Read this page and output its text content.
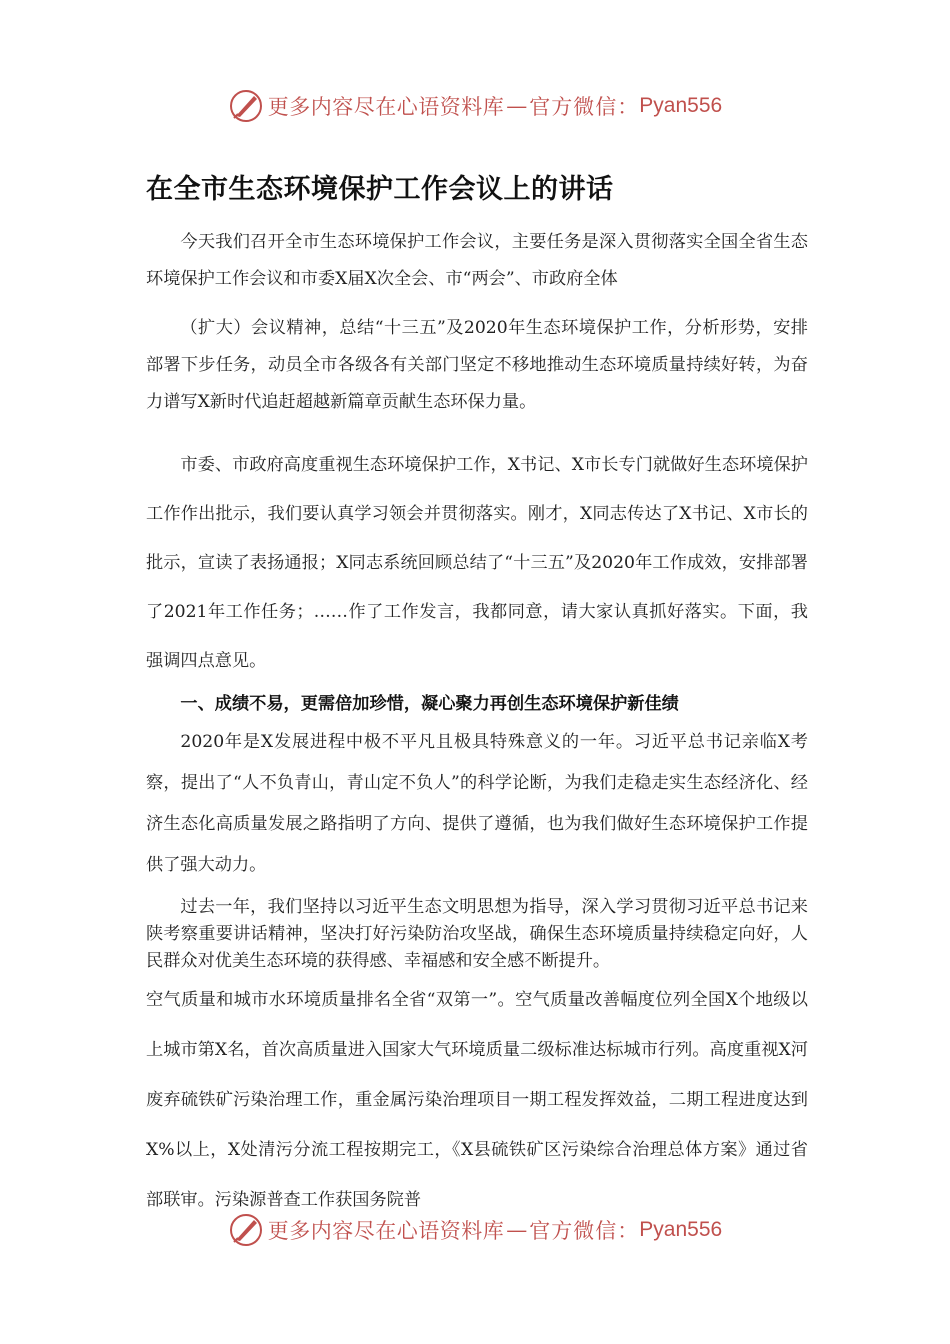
更多内容尽在心语资料库 — 官方微信： Pyan556
在全市生态环境保护工作会议上的讲话

今天我们召开全市生态环境保护工作会议，主要任务是深入贯彻落实全国全省生态环境保护工作会议和市委X届X次全会、市“两会”、市政府全体
（扩大）会议精神，总结“十三五”及2020年生态环境保护工作，分析形势，安排部署下步任务，动员全市各级各有关部门坚定不移地推动生态环境质量持续好转，为奋力谱写X新时代追赶超越新篇章贡献生态环保力量。

市委、市政府高度重视生态环境保护工作，X书记、X市长专门就做好生态环境保护工作作出批示，我们要认真学习领会并贯彻落实。刚才，X同志传达了X书记、X市长的批示，宣读了表扬通报；X同志系统回顾总结了“十三五”及2020年工作成效，安排部署了2021年工作任务；……作了工作发言，我都同意，请大家认真抓好落实。下面，我强调四点意见。

一、成绩不易，更需倍加珍惜，凝心聚力再创生态环境保护新佳绩

2020年是X发展进程中极不平凡且极具特殊意义的一年。习近平总书记亲临X考察，提出了“人不负青山，青山定不负人”的科学论断，为我们走稳走实生态经济化、经济生态化高质量发展之路指明了方向、提供了遵循，也为我们做好生态环境保护工作提供了强大动力。

过去一年，我们坚持以习近平生态文明思想为指导，深入学习贯彻习近平总书记来陕考察重要讲话精神，坚决打好污染防治攻坚战，确保生态环境质量持续稳定向好，人民群众对优美生态环境的获得感、幸福感和安全感不断提升。

空气质量和城市水环境质量排名全省“双第一”。空气质量改善幅度位列全国X个地级以上城市第X名，首次高质量进入国家大气环境质量二级标准达标城市行列。高度重视X河废弃硫铁矿污染治理工作，重金属污染治理项目一期工程发挥效益，二期工程进度达到X%以上，X处清污分流工程按期完工，《X县硫铁矿区污染综合治理总体方案》通过省部联审。污染源普查工作获国务院普

更多内容尽在心语资料库 — 官方微信： Pyan556
